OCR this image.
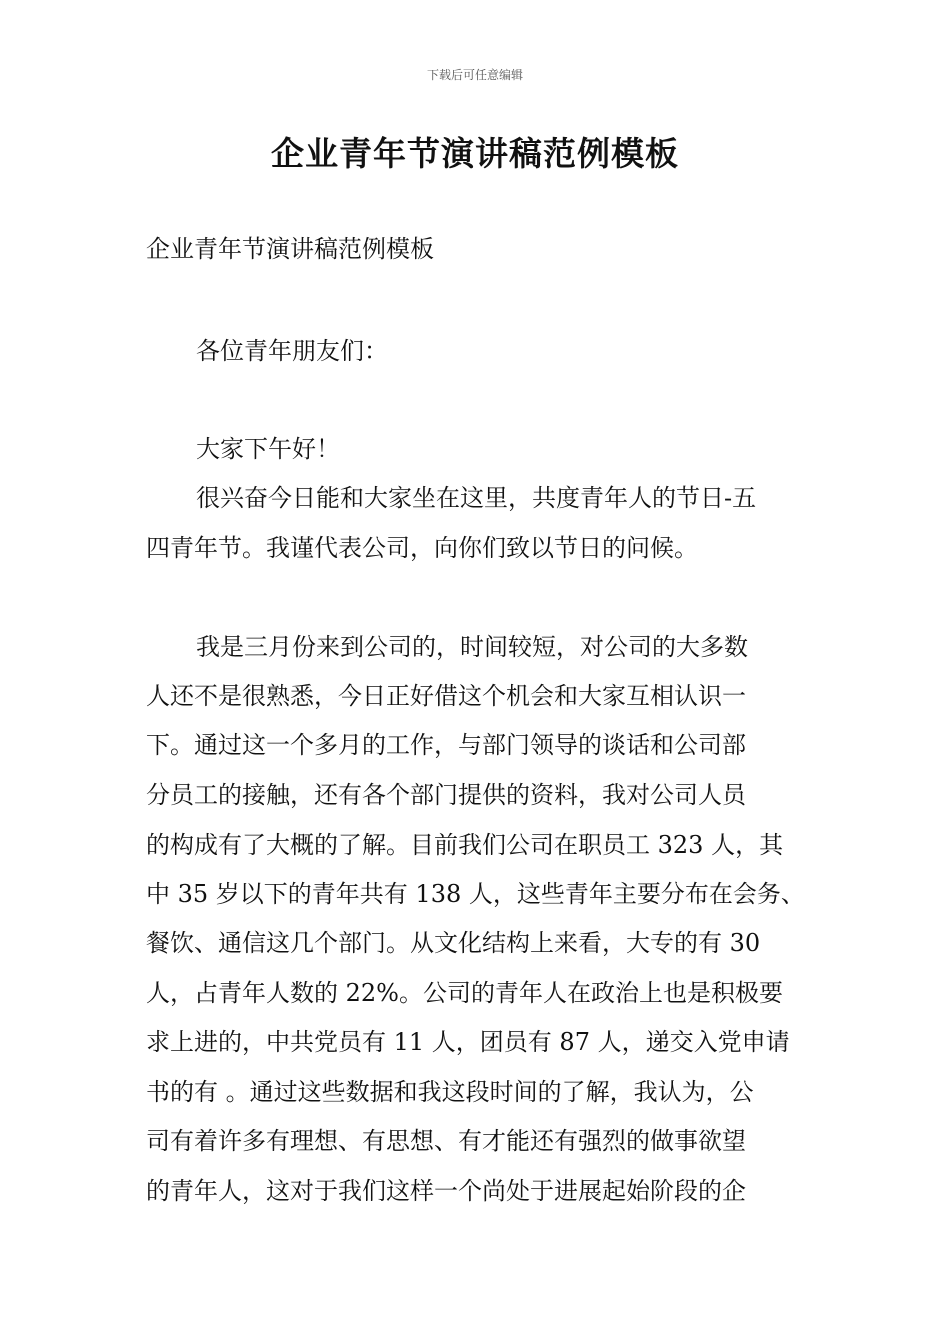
下载后可任意编辑
企业青年节演讲稿范例模板
企业青年节演讲稿范例模板
各位青年朋友们：
大家下午好！
很兴奋今日能和大家坐在这里，共度青年人的节日-五
四青年节。我谨代表公司，向你们致以节日的问候。
我是三月份来到公司的，时间较短，对公司的大多数
人还不是很熟悉，今日正好借这个机会和大家互相认识一
下。通过这一个多月的工作，与部门领导的谈话和公司部
分员工的接触，还有各个部门提供的资料，我对公司人员
的构成有了大概的了解。目前我们公司在职员工 323 人，其
中 35 岁以下的青年共有 138 人，这些青年主要分布在会务、
餐饮、通信这几个部门。从文化结构上来看，大专的有 30
人，占青年人数的 22%。公司的青年人在政治上也是积极要
求上进的，中共党员有 11 人，团员有 87 人，递交入党申请
书的有 。通过这些数据和我这段时间的了解，我认为，公
司有着许多有理想、有思想、有才能还有强烈的做事欲望
的青年人，这对于我们这样一个尚处于进展起始阶段的企
